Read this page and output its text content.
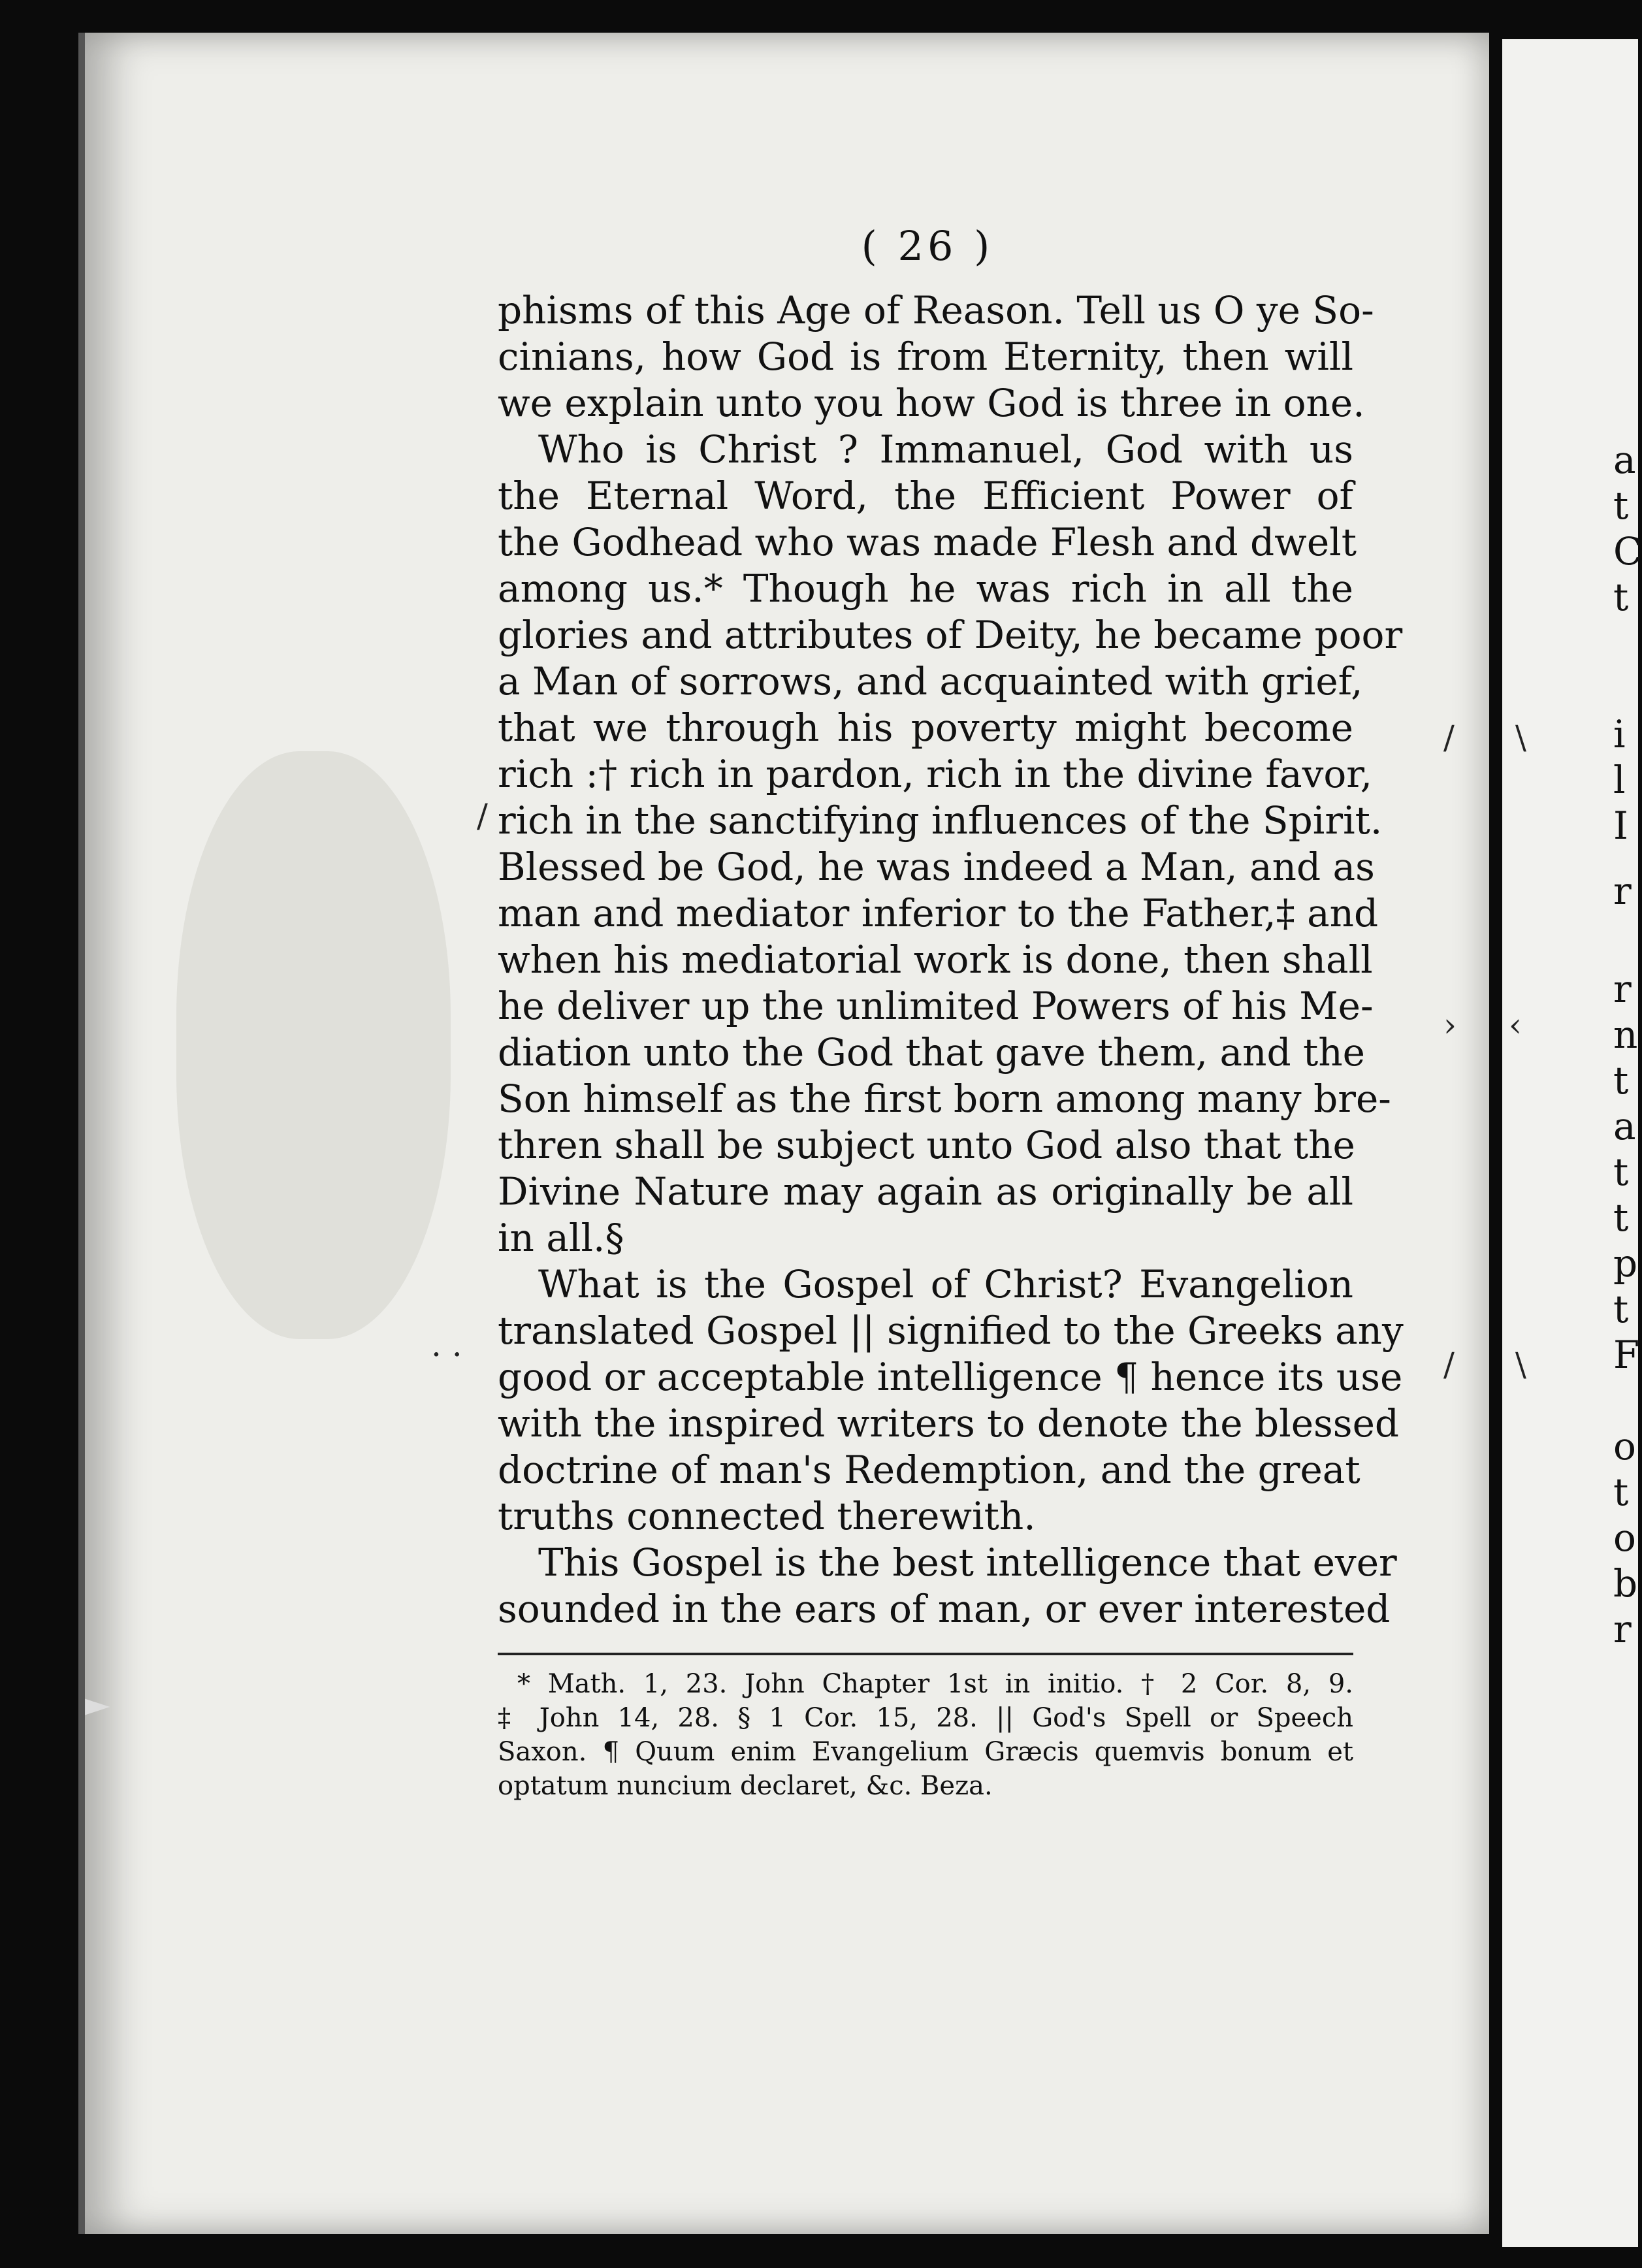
( 26 )
phisms of this Age of Reason. Tell us O ye So-
cinians, how God is from Eternity, then will
we explain unto you how God is three in one.
Who is Christ ? Immanuel, God with us
the Eternal Word, the Efficient Power of
the Godhead who was made Flesh and dwelt
among us.* Though he was rich in all the
glories and attributes of Deity, he became poor
a Man of sorrows, and acquainted with grief,
that we through his poverty might become
rich :† rich in pardon, rich in the divine favor,
rich in the sanctifying influences of the Spirit.
Blessed be God, he was indeed a Man, and as
man and mediator inferior to the Father,‡ and
when his mediatorial work is done, then shall
he deliver up the unlimited Powers of his Me-
diation unto the God that gave them, and the
Son himself as the first born among many bre-
thren shall be subject unto God also that the
Divine Nature may again as originally be all
in all.§
What is the Gospel of Christ? Evangelion
translated Gospel || signified to the Greeks any
good or acceptable intelligence ¶ hence its use
with the inspired writers to denote the blessed
doctrine of man's Redemption, and the great
truths connected therewith.
This Gospel is the best intelligence that ever
sounded in the ears of man, or ever interested
* Math. 1, 23. John Chapter 1st in initio. † 2 Cor. 8, 9.
‡ John 14, 28. § 1 Cor. 15, 28. || God's Spell or Speech
Saxon. ¶ Quum enim Evangelium Græcis quemvis bonum et
optatum nuncium declaret, &c. Beza.
a
t
C
t
i
l
I
r
r
n
t
a
t
t
p
t
F
o
t
o
b
r
/ \
/
› ‹
. .
/ \
►
